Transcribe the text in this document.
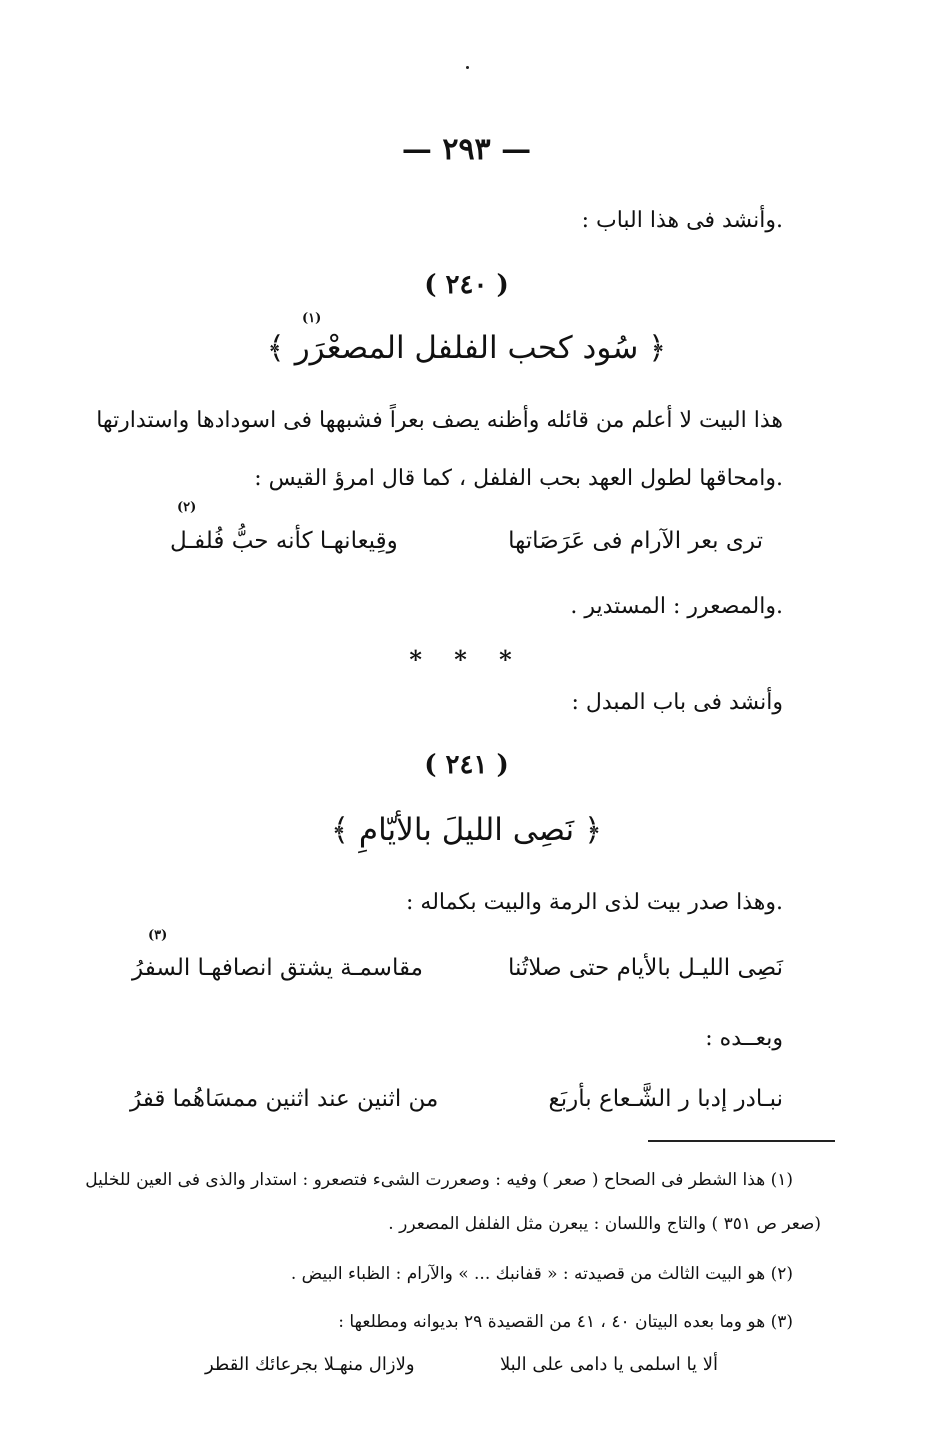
— ٢٩٣ —
.وأنشد فى هذا الباب :
( ٢٤٠ )
(١)
﴿ سُود كحب الفلفل المصعْرَر ﴾
هذا البيت لا أعلم من قائله وأظنه يصف بعراً فشبهها فى اسودادها واستدارتها
.وامحاقها لطول العهد بحب الفلفل ، كما قال امرؤ القيس :
(٢)
ترى بعر الآرام فى عَرَصَاتها
وقِيعانهـا كأنه حبُّ فُلفـل
.والمصعرر : المستدير .
* * *
وأنشد فى باب المبدل :
( ٢٤١ )
﴿ نَصِى الليلَ بالأيّامِ ﴾
.وهذا صدر بيت لذى الرمة والبيت بكماله :
(٣)
نَصِى الليـل بالأيام حتى صلاتُنا
مقاسمـة يشتق انصافهـا السفرُ
وبعــده :
نبـادر إدبا ر الشَّـعاع بأربَع
من اثنين عند اثنين ممسَاهُما قفرُ
(١) هذا الشطر فى الصحاح ( صعر ) وفيه : وصعررت الشىء فتصعرو : استدار والذى فى العين للخليل
(صعر ص ٣٥١ ) والتاج واللسان : يبعرن مثل الفلفل المصعرر .
(٢) هو البيت الثالث من قصيدته : « قفانبك ... » والآرام : الظباء البيض .
(٣) هو وما بعده البيتان ٤٠ ، ٤١ من القصيدة ٢٩ بديوانه ومطلعها :
ألا يا اسلمى يا دامى على البلا
ولازال منهـلا بجرعائك القطر
